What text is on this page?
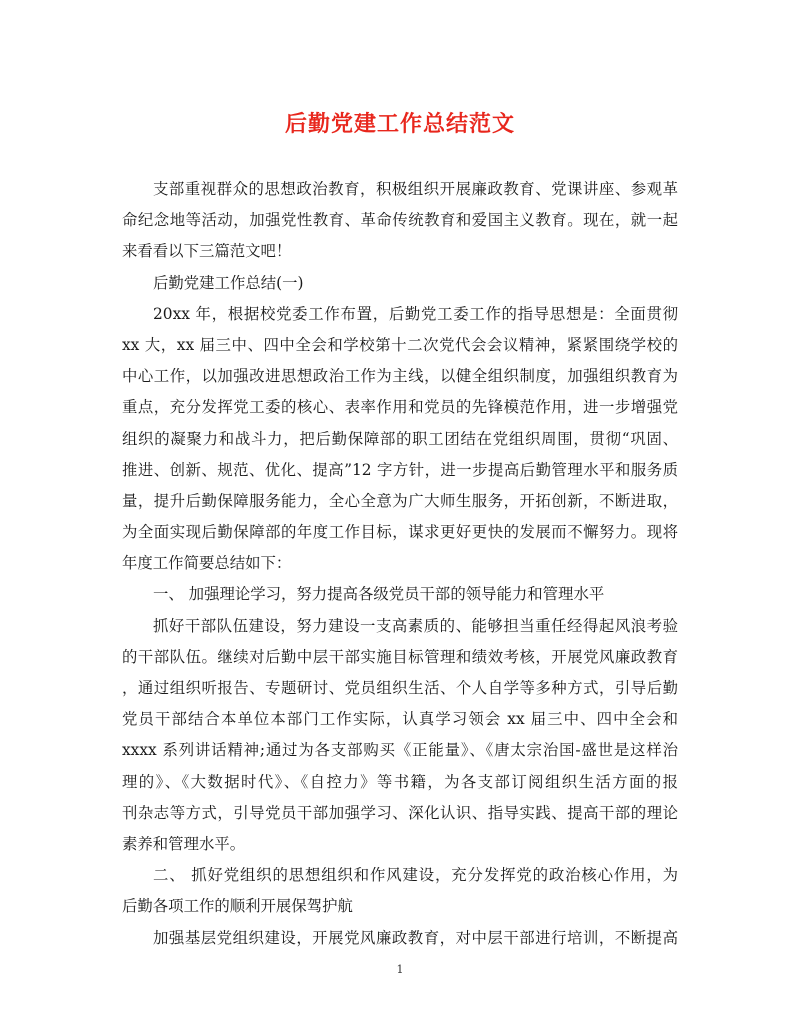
后勤党建工作总结范文
支部重视群众的思想政治教育，积极组织开展廉政教育、党课讲座、参观革
命纪念地等活动，加强党性教育、革命传统教育和爱国主义教育。现在，就一起
来看看以下三篇范文吧！
后勤党建工作总结(一)
20xx 年，根据校党委工作布置，后勤党工委工作的指导思想是：全面贯彻
xx 大，xx 届三中、四中全会和学校第十二次党代会会议精神，紧紧围绕学校的
中心工作，以加强改进思想政治工作为主线，以健全组织制度，加强组织教育为
重点，充分发挥党工委的核心、表率作用和党员的先锋模范作用，进一步增强党
组织的凝聚力和战斗力，把后勤保障部的职工团结在党组织周围，贯彻“巩固、
推进、创新、规范、优化、提高”12 字方针，进一步提高后勤管理水平和服务质
量，提升后勤保障服务能力，全心全意为广大师生服务，开拓创新，不断进取，
为全面实现后勤保障部的年度工作目标，谋求更好更快的发展而不懈努力。现将
年度工作简要总结如下：
一、 加强理论学习，努力提高各级党员干部的领导能力和管理水平
抓好干部队伍建设，努力建设一支高素质的、能够担当重任经得起风浪考验
的干部队伍。继续对后勤中层干部实施目标管理和绩效考核，开展党风廉政教育
，通过组织听报告、专题研讨、党员组织生活、个人自学等多种方式，引导后勤
党员干部结合本单位本部门工作实际，认真学习领会 xx 届三中、四中全会和
xxxx 系列讲话精神;通过为各支部购买《正能量》、《唐太宗治国-盛世是这样治
理的》、《大数据时代》、《自控力》等书籍，为各支部订阅组织生活方面的报
刊杂志等方式，引导党员干部加强学习、深化认识、指导实践、提高干部的理论
素养和管理水平。
二、 抓好党组织的思想组织和作风建设，充分发挥党的政治核心作用，为
后勤各项工作的顺利开展保驾护航
加强基层党组织建设，开展党风廉政教育，对中层干部进行培训，不断提高
1
